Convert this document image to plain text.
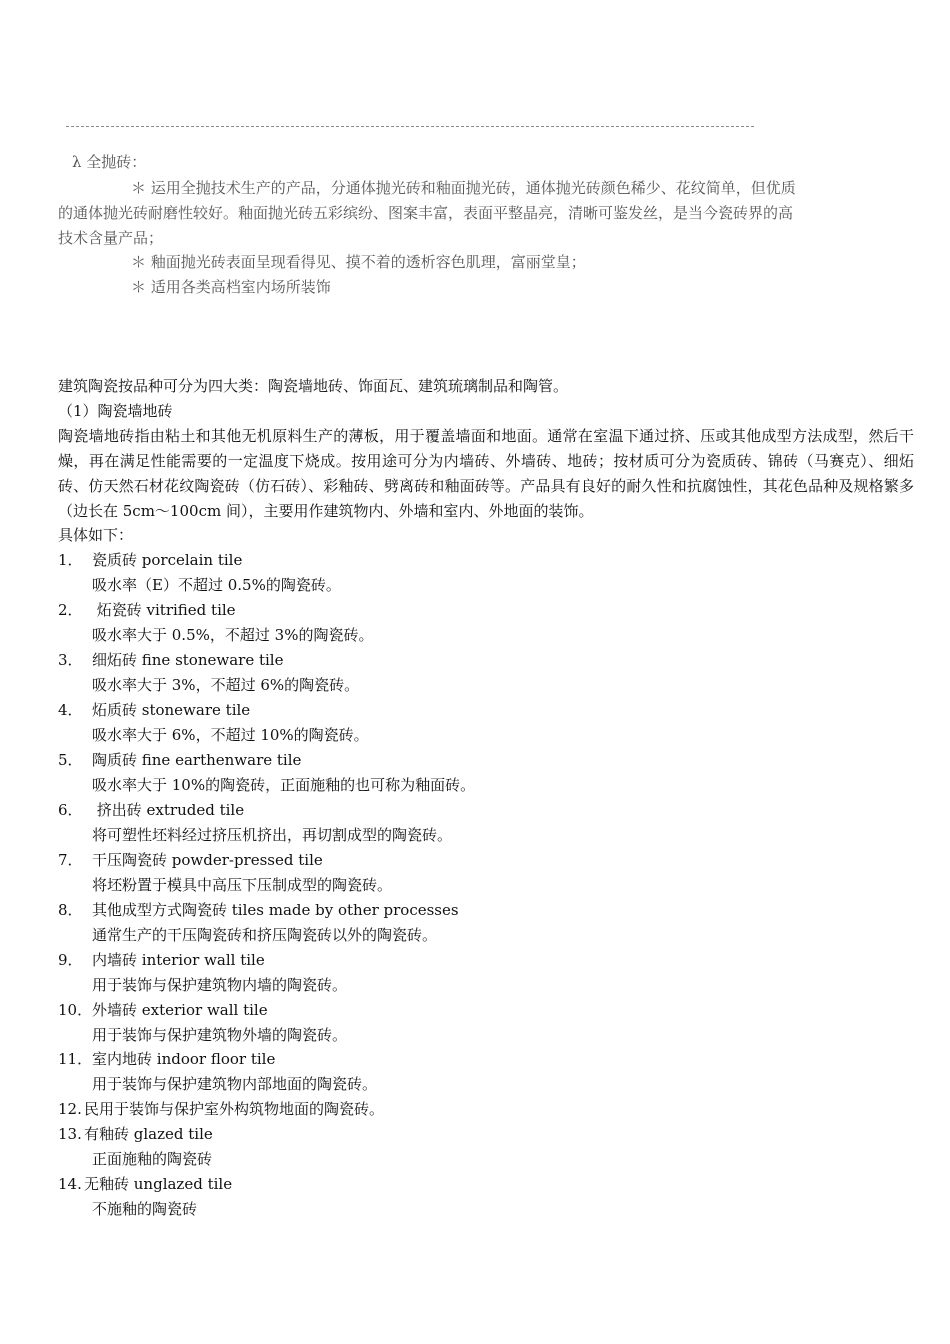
λ 全抛砖：
＊ 运用全抛技术生产的产品，分通体抛光砖和釉面抛光砖，通体抛光砖颜色稀少、花纹简单，但优质的通体抛光砖耐磨性较好。釉面抛光砖五彩缤纷、图案丰富，表面平整晶亮，清晰可鉴发丝，是当今瓷砖界的高技术含量产品；
＊ 釉面抛光砖表面呈现看得见、摸不着的透析容色肌理，富丽堂皇；
＊ 适用各类高档室内场所装饰
建筑陶瓷按品种可分为四大类：陶瓷墙地砖、饰面瓦、建筑琉璃制品和陶管。
（1）陶瓷墙地砖
陶瓷墙地砖指由粘土和其他无机原料生产的薄板，用于覆盖墙面和地面。通常在室温下通过挤、压或其他成型方法成型，然后干燥，再在满足性能需要的一定温度下烧成。按用途可分为内墙砖、外墙砖、地砖；按材质可分为瓷质砖、锦砖（马赛克）、细炻砖、仿天然石材花纹陶瓷砖（仿石砖）、彩釉砖、劈离砖和釉面砖等。产品具有良好的耐久性和抗腐蚀性，其花色品种及规格繁多（边长在 5cm～100cm 间），主要用作建筑物内、外墙和室内、外地面的装饰。
具体如下：
1． 瓷质砖 porcelain tile
吸水率（E）不超过 0.5%的陶瓷砖。
2． 炻瓷砖 vitrified tile
吸水率大于 0.5%，不超过 3%的陶瓷砖。
3． 细炻砖 fine stoneware tile
吸水率大于 3%，不超过 6%的陶瓷砖。
4． 炻质砖 stoneware tile
吸水率大于 6%，不超过 10%的陶瓷砖。
5． 陶质砖 fine earthenware tile
吸水率大于 10%的陶瓷砖，正面施釉的也可称为釉面砖。
6． 挤出砖 extruded tile
将可塑性坯料经过挤压机挤出，再切割成型的陶瓷砖。
7． 干压陶瓷砖 powder-pressed tile
将坯粉置于模具中高压下压制成型的陶瓷砖。
8． 其他成型方式陶瓷砖 tiles made by other processes
通常生产的干压陶瓷砖和挤压陶瓷砖以外的陶瓷砖。
9． 内墙砖 interior wall tile
用于装饰与保护建筑物内墙的陶瓷砖。
10．外墙砖 exterior wall tile
用于装饰与保护建筑物外墙的陶瓷砖。
11．室内地砖 indoor floor tile
用于装饰与保护建筑物内部地面的陶瓷砖。
12.民用于装饰与保护室外构筑物地面的陶瓷砖。
13.有釉砖 glazed tile
正面施釉的陶瓷砖
14.无釉砖 unglazed tile
不施釉的陶瓷砖
